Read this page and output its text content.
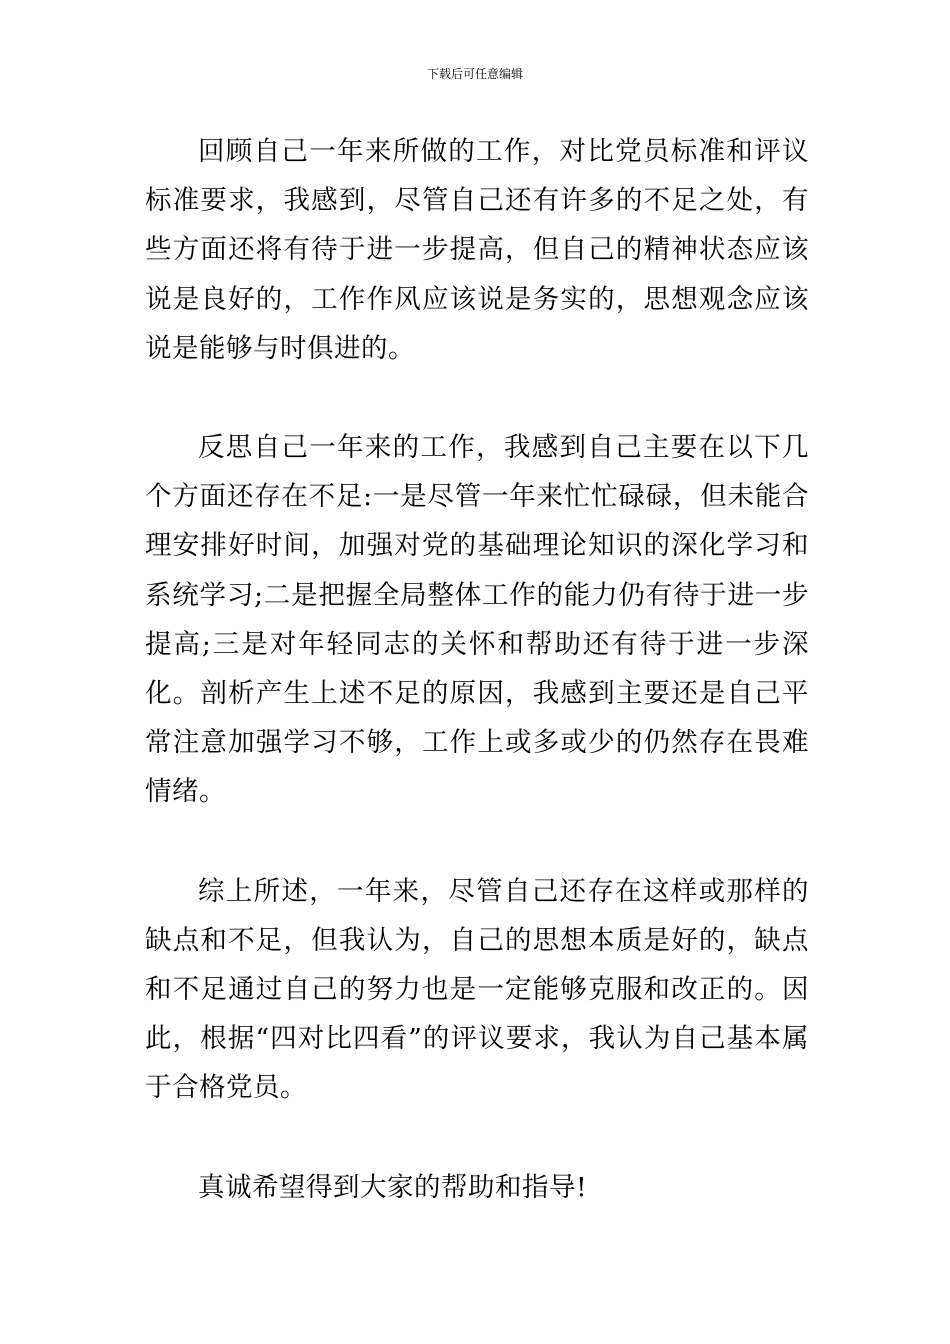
下载后可任意编辑

回顾自己一年来所做的工作，对比党员标准和评议标准要求，我感到，尽管自己还有许多的不足之处，有些方面还将有待于进一步提高，但自己的精神状态应该说是良好的，工作作风应该说是务实的，思想观念应该说是能够与时俱进的。

反思自己一年来的工作，我感到自己主要在以下几个方面还存在不足:一是尽管一年来忙忙碌碌，但未能合理安排好时间，加强对党的基础理论知识的深化学习和系统学习;二是把握全局整体工作的能力仍有待于进一步提高;三是对年轻同志的关怀和帮助还有待于进一步深化。剖析产生上述不足的原因，我感到主要还是自己平常注意加强学习不够，工作上或多或少的仍然存在畏难情绪。

综上所述，一年来，尽管自己还存在这样或那样的缺点和不足，但我认为，自己的思想本质是好的，缺点和不足通过自己的努力也是一定能够克服和改正的。因此，根据“四对比四看”的评议要求，我认为自己基本属于合格党员。

真诚希望得到大家的帮助和指导!
